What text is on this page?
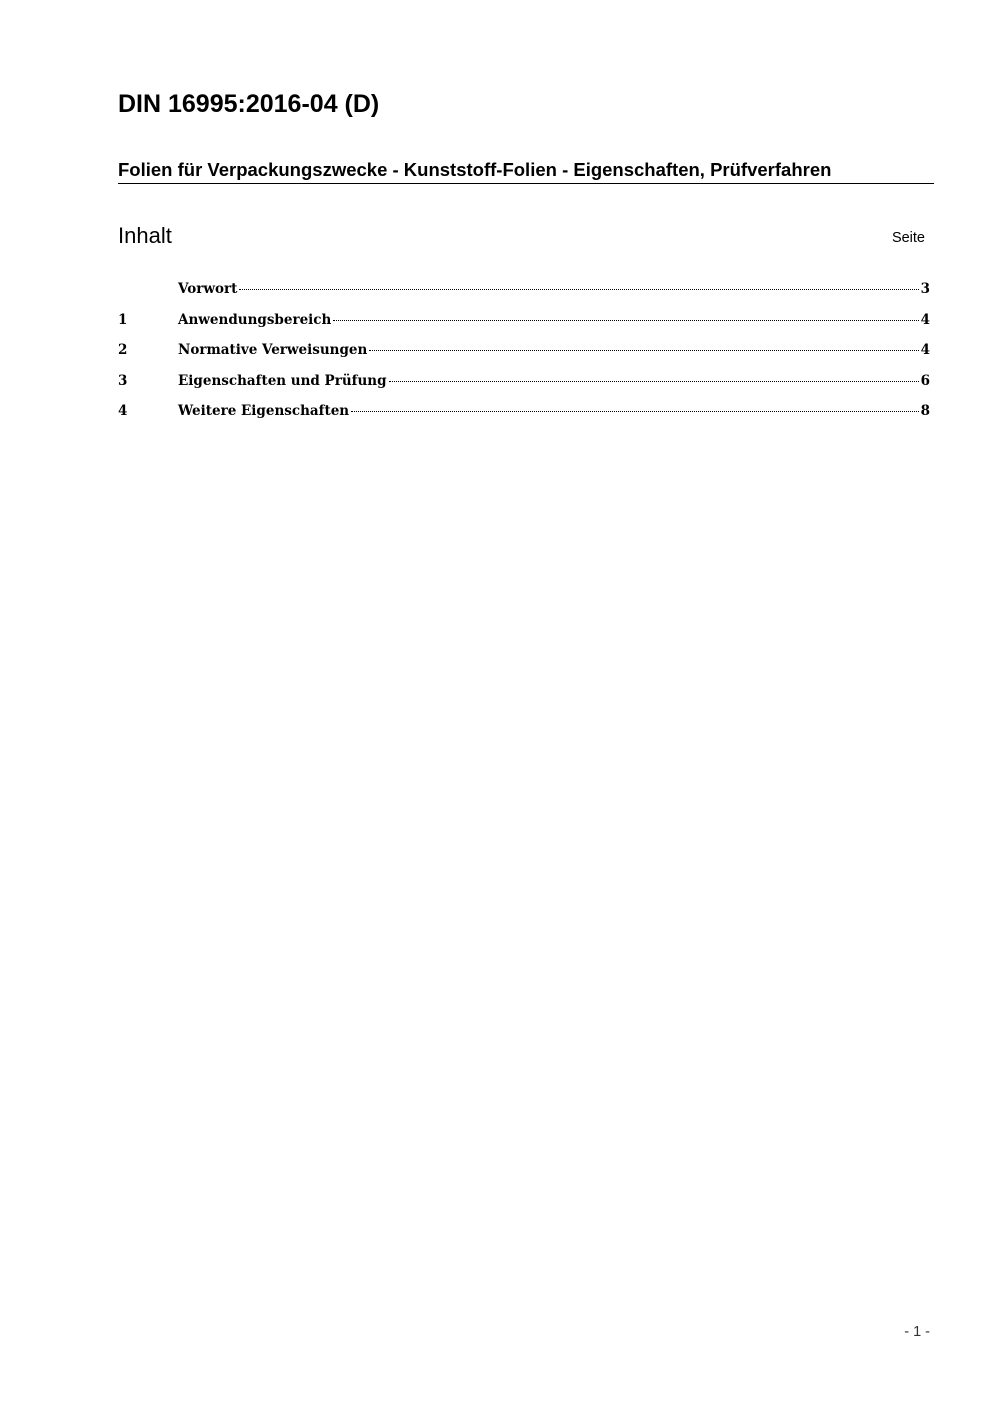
DIN 16995:2016-04 (D)
Folien für Verpackungszwecke - Kunststoff-Folien - Eigenschaften, Prüfverfahren
Inhalt	Seite
Vorwort	3
1	Anwendungsbereich	4
2	Normative Verweisungen	4
3	Eigenschaften und Prüfung	6
4	Weitere Eigenschaften	8
- 1 -
